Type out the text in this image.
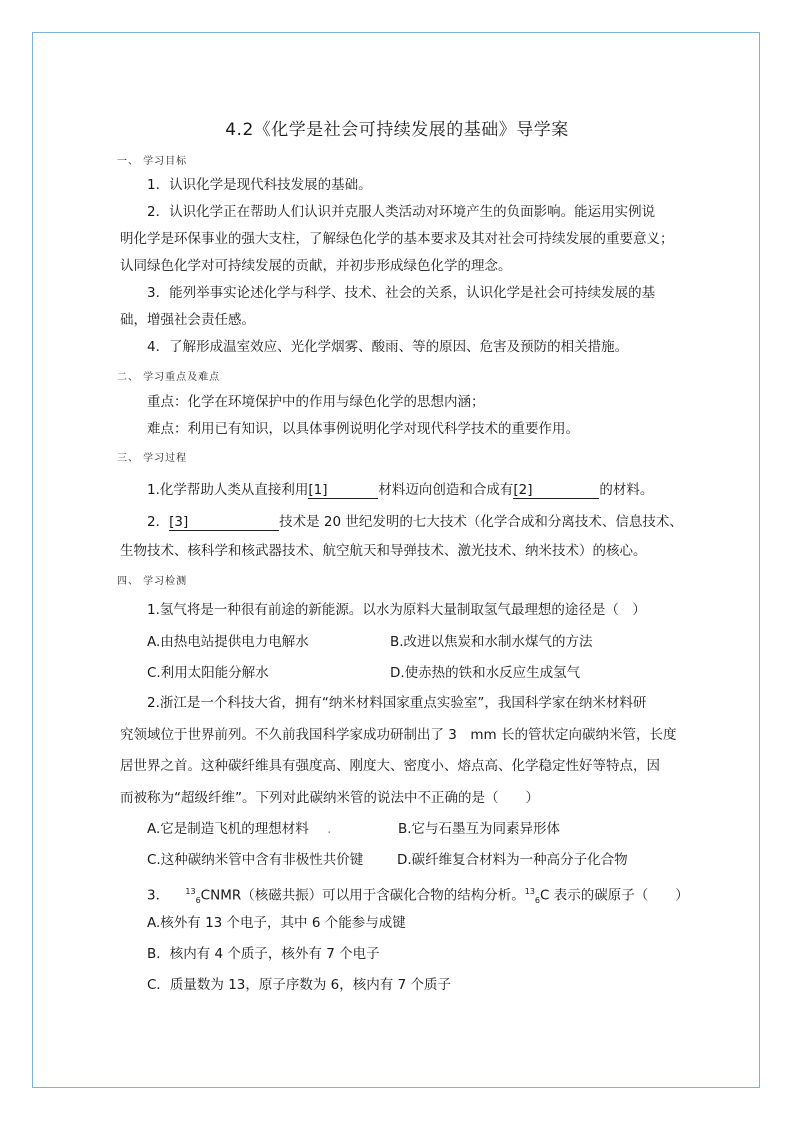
4.2《化学是社会可持续发展的基础》导学案
一、 学习目标
1．认识化学是现代科技发展的基础。
2．认识化学正在帮助人们认识并克服人类活动对环境产生的负面影响。能运用实例说
明化学是环保事业的强大支柱，了解绿色化学的基本要求及其对社会可持续发展的重要意义；
认同绿色化学对可持续发展的贡献，并初步形成绿色化学的理念。
3．能列举事实论述化学与科学、技术、社会的关系，认识化学是社会可持续发展的基
础，增强社会责任感。
4．了解形成温室效应、光化学烟雾、酸雨、等的原因、危害及预防的相关措施。
二、 学习重点及难点
重点：化学在环境保护中的作用与绿色化学的思想内涵；
难点：利用已有知识，以具体事例说明化学对现代科学技术的重要作用。
三、 学习过程
1.化学帮助人类从直接利用[1]	材料迈向创造和合成有[2]	的材料。
2．[3]	技术是 20 世纪发明的七大技术（化学合成和分离技术、信息技术、
生物技术、核科学和核武器技术、航空航天和导弹技术、激光技术、纳米技术）的核心。
四、 学习检测
1.氢气将是一种很有前途的新能源。以水为原料大量制取氢气最理想的途径是（　）
A.由热电站提供电力电解水	B.改进以焦炭和水制水煤气的方法
C.利用太阳能分解水	D.使赤热的铁和水反应生成氢气
2.浙江是一个科技大省，拥有“纳米材料国家重点实验室”，我国科学家在纳米材料研
究领域位于世界前列。不久前我国科学家成功研制出了 3　mm 长的管状定向碳纳米管，长度
居世界之首。这种碳纤维具有强度高、刚度大、密度小、熔点高、化学稳定性好等特点，因
而被称为“超级纤维”。下列对此碳纳米管的说法中不正确的是（　　）
A.它是制造飞机的理想材料 .	B.它与石墨互为同素异形体
C.这种碳纳米管中含有非极性共价键	D.碳纤维复合材料为一种高分子化合物
3． $^{13}_6$CNMR（核磁共振）可以用于含碳化合物的结构分析。$^{13}_6$C 表示的碳原子（　　）
A.核外有 13 个电子，其中 6 个能参与成键
B．核内有 4 个质子，核外有 7 个电子
C．质量数为 13，原子序数为 6，核内有 7 个质子
